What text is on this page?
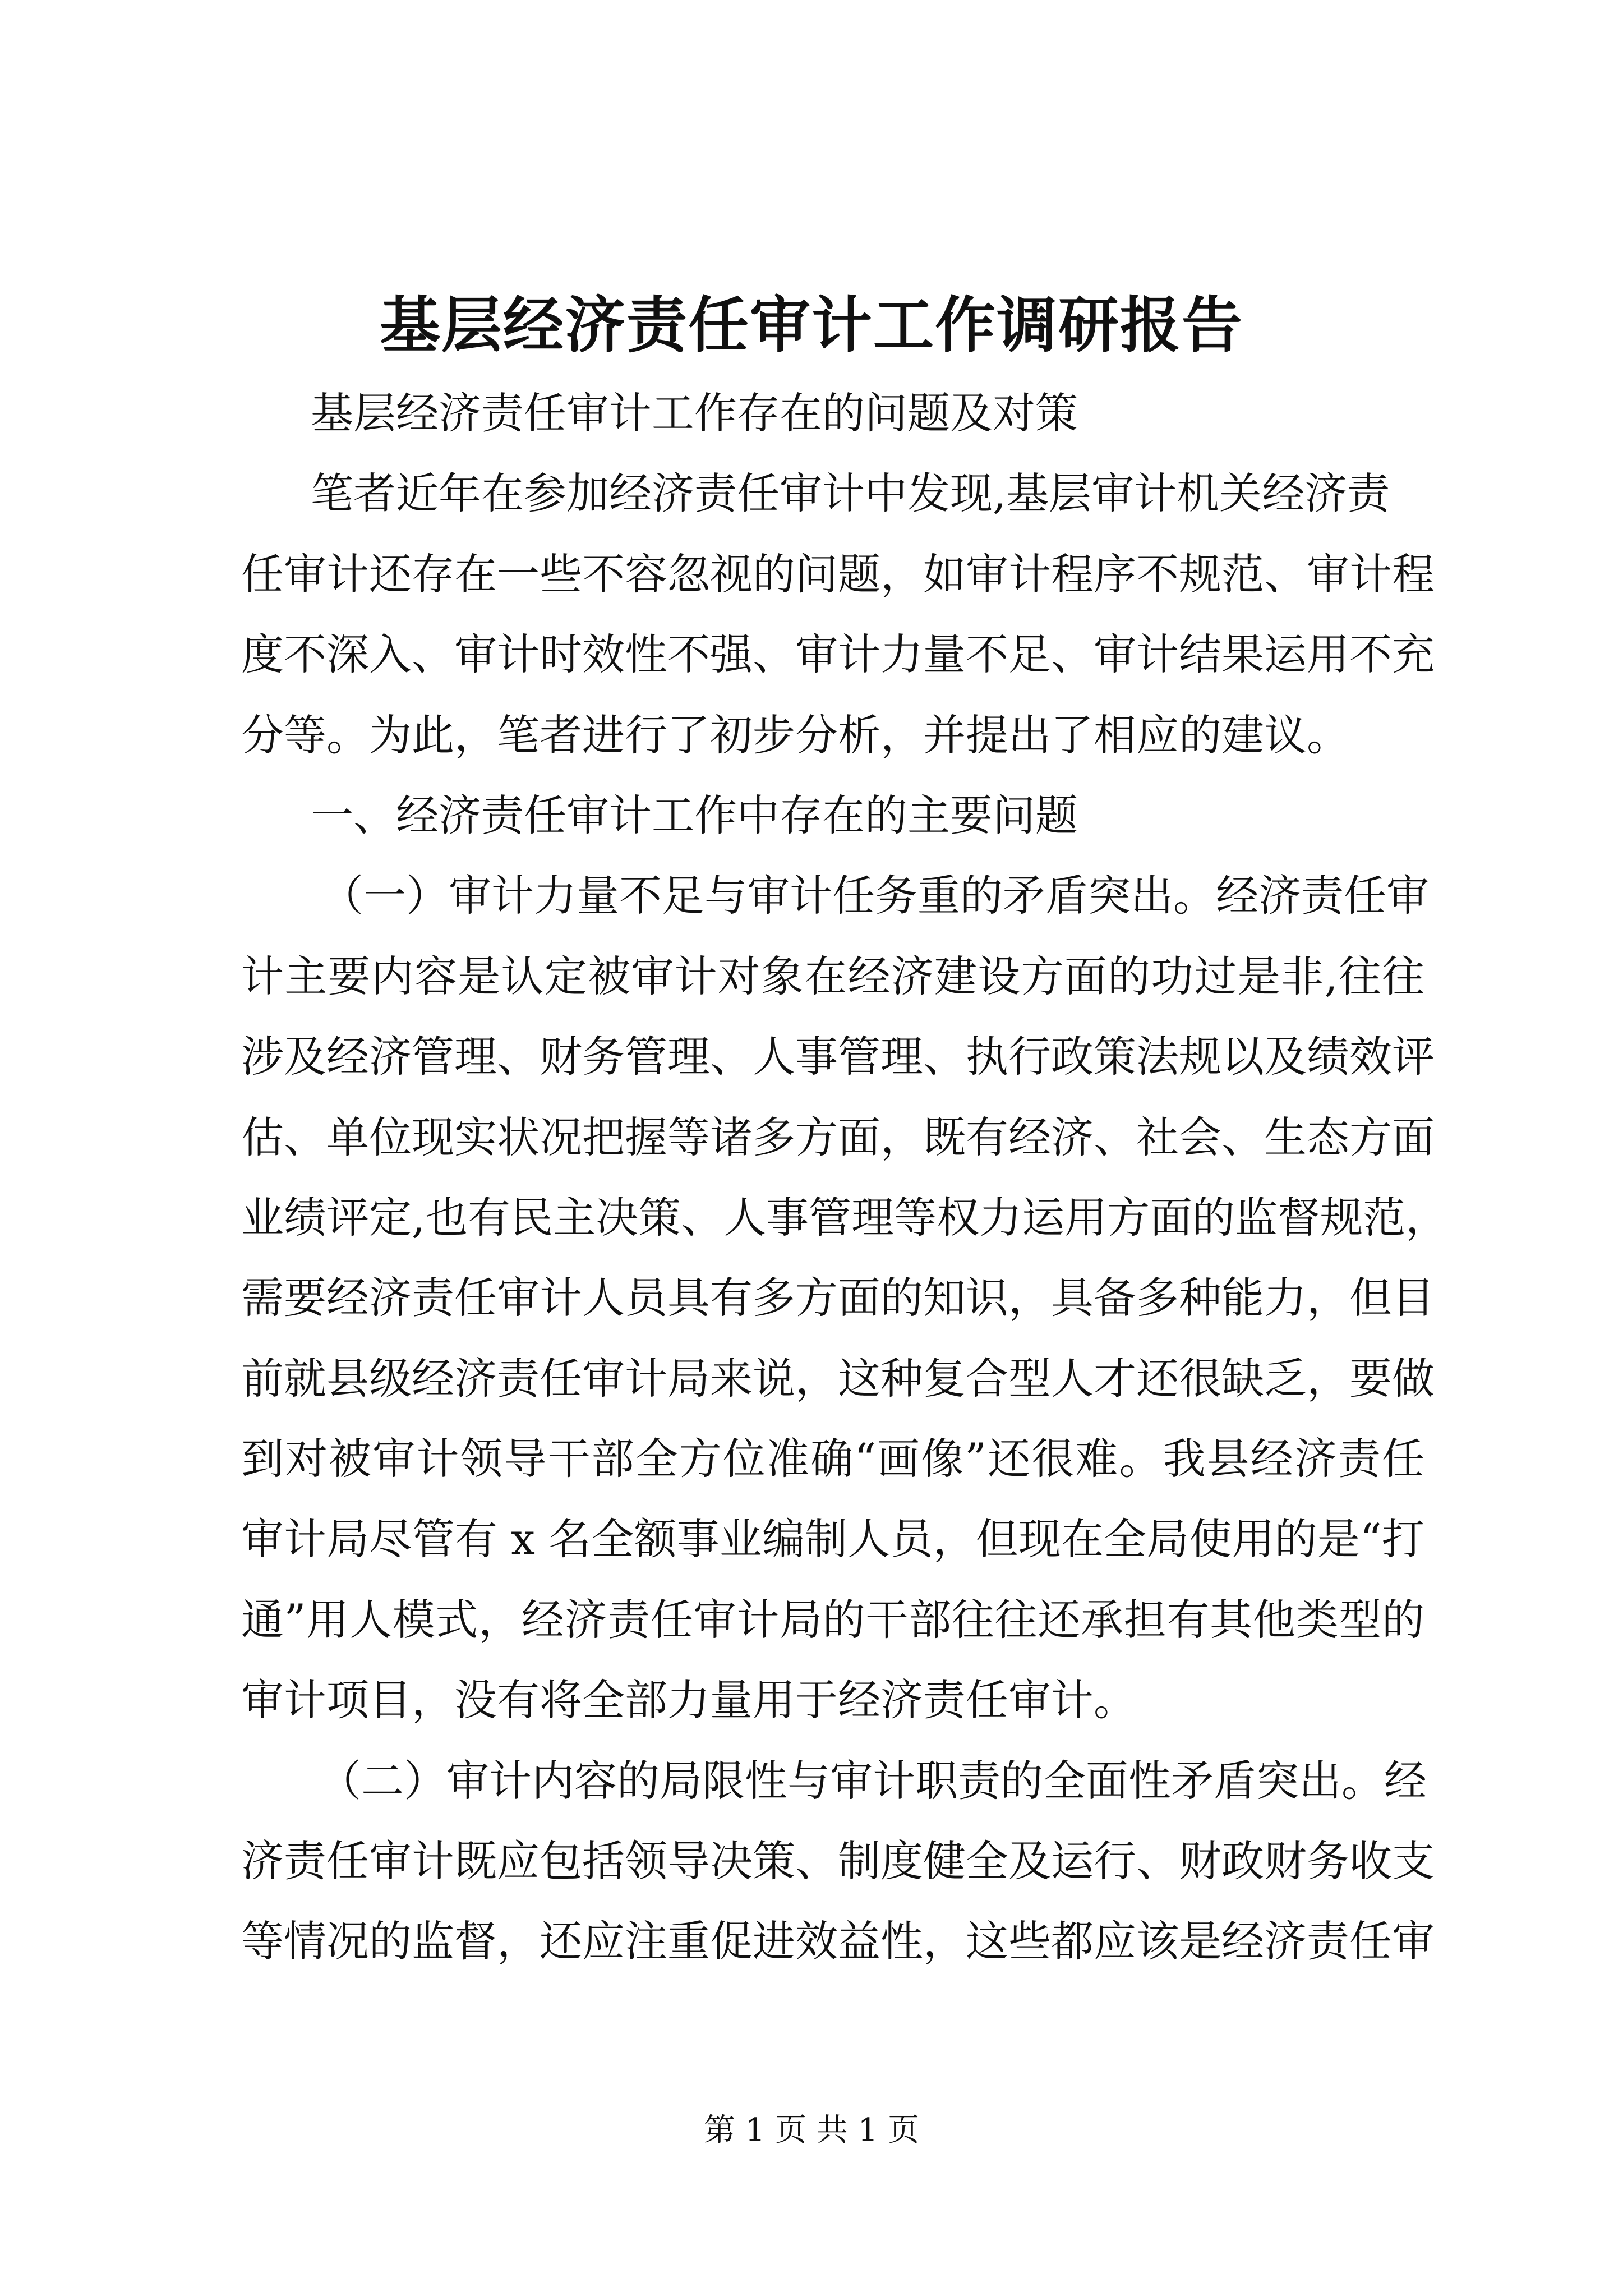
基层经济责任审计工作调研报告
基层经济责任审计工作存在的问题及对策
笔者近年在参加经济责任审计中发现,基层审计机关经济责
任审计还存在一些不容忽视的问题，如审计程序不规范、审计程
度不深入、审计时效性不强、审计力量不足、审计结果运用不充
分等。为此，笔者进行了初步分析，并提出了相应的建议。
一、经济责任审计工作中存在的主要问题
（一）审计力量不足与审计任务重的矛盾突出。经济责任审
计主要内容是认定被审计对象在经济建设方面的功过是非,往往
涉及经济管理、财务管理、人事管理、执行政策法规以及绩效评
估、单位现实状况把握等诸多方面，既有经济、社会、生态方面
业绩评定,也有民主决策、人事管理等权力运用方面的监督规范，
需要经济责任审计人员具有多方面的知识，具备多种能力，但目
前就县级经济责任审计局来说，这种复合型人才还很缺乏，要做
到对被审计领导干部全方位准确“画像”还很难。我县经济责任
审计局尽管有 x 名全额事业编制人员，但现在全局使用的是“打
通”用人模式，经济责任审计局的干部往往还承担有其他类型的
审计项目，没有将全部力量用于经济责任审计。
（二）审计内容的局限性与审计职责的全面性矛盾突出。经
济责任审计既应包括领导决策、制度健全及运行、财政财务收支
等情况的监督，还应注重促进效益性，这些都应该是经济责任审
第 1 页 共 1 页
